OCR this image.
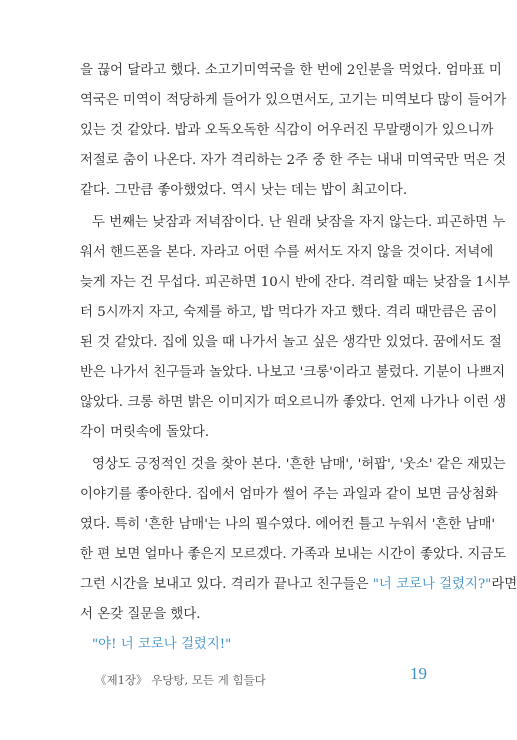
을 끊어 달라고 했다. 소고기미역국을 한 번에 2인분을 먹었다. 엄마표 미
역국은 미역이 적당하게 들어가 있으면서도, 고기는 미역보다 많이 들어가
있는 것 같았다. 밥과 오독오독한 식감이 어우러진 무말랭이가 있으니까
저절로 춤이 나온다. 자가 격리하는 2주 중 한 주는 내내 미역국만 먹은 것
같다. 그만큼 좋아했었다. 역시 낫는 데는 밥이 최고이다.
두 번째는 낮잠과 저녁잠이다. 난 원래 낮잠을 자지 않는다. 피곤하면 누
워서 핸드폰을 본다. 자라고 어떤 수를 써서도 자지 않을 것이다. 저녁에
늦게 자는 건 무섭다. 피곤하면 10시 반에 잔다. 격리할 때는 낮잠을 1시부
터 5시까지 자고, 숙제를 하고, 밥 먹다가 자고 했다. 격리 때만큼은 곰이
된 것 같았다. 집에 있을 때 나가서 놀고 싶은 생각만 있었다. 꿈에서도 절
반은 나가서 친구들과 놀았다. 나보고 '크롱'이라고 불렀다. 기분이 나쁘지
않았다. 크롱 하면 밝은 이미지가 떠오르니까 좋았다. 언제 나가나 이런 생
각이 머릿속에 돌았다.
영상도 긍정적인 것을 찾아 본다. '흔한 남매', '허팝', '웃소' 같은 재밌는
이야기를 좋아한다. 집에서 엄마가 썰어 주는 과일과 같이 보면 금상첨화
였다. 특히 '흔한 남매'는 나의 필수였다. 에어컨 틀고 누워서 '흔한 남매'
한 편 보면 얼마나 좋은지 모르겠다. 가족과 보내는 시간이 좋았다. 지금도
그런 시간을 보내고 있다. 격리가 끝나고 친구들은 "너 코로나 걸렸지?"라면
서 온갖 질문을 했다.
"야! 너 코로나 걸렸지!"
《제1장》 우당탕, 모든 게 힘들다	19
